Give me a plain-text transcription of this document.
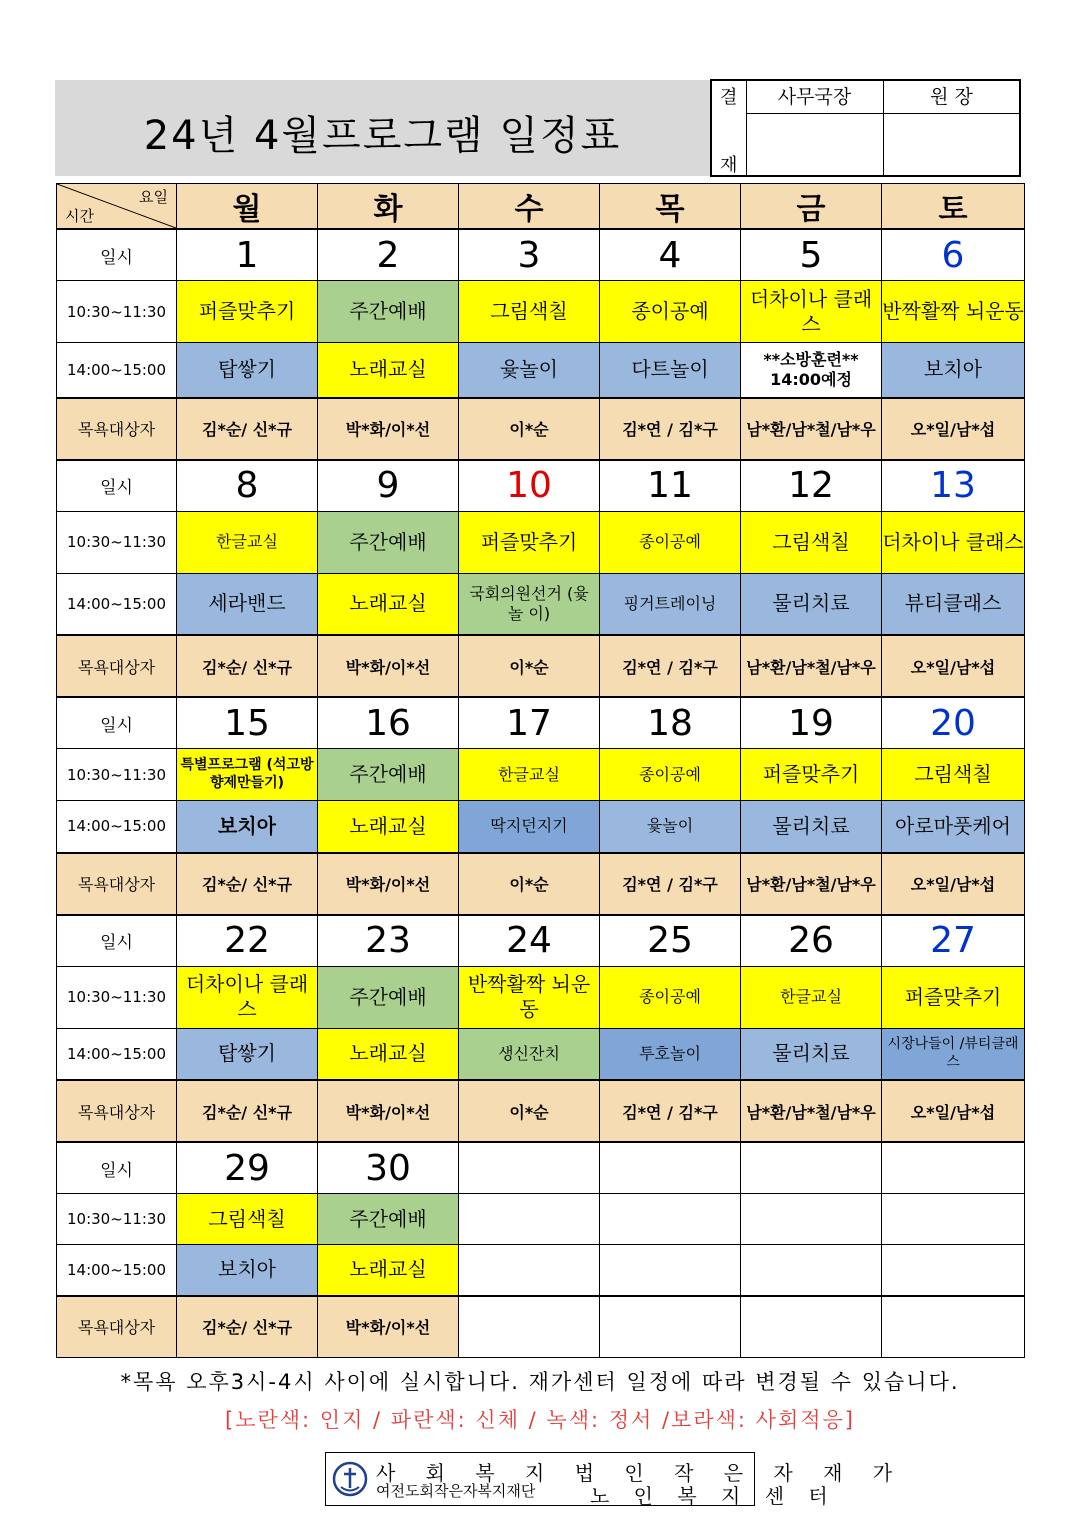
24년 4월프로그램 일정표
결
재
사무국장	원 장
요일
시간	월	화	수	목	금	토
일시	1	2	3	4	5	6
10:30~11:30	퍼즐맞추기	주간예배	그림색칠	종이공예	더차이나 클래스	반짝활짝 뇌운동
14:00~15:00	탑쌓기	노래교실	윷놀이	다트놀이	**소방훈련** 14:00예정	보치아
목욕대상자	김*순/ 신*규	박*화/이*선	이*순	김*연 / 김*구	남*환/남*철/남*우	오*일/남*섭
일시	8	9	10	11	12	13
10:30~11:30	한글교실	주간예배	퍼즐맞추기	종이공예	그림색칠	더차이나 클래스
14:00~15:00	세라밴드	노래교실	국회의원선거 (윷 놀 이)	핑거트레이닝	물리치료	뷰티클래스
목욕대상자	김*순/ 신*규	박*화/이*선	이*순	김*연 / 김*구	남*환/남*철/남*우	오*일/남*섭
일시	15	16	17	18	19	20
10:30~11:30	특별프로그램 (석고방향제만들기)	주간예배	한글교실	종이공예	퍼즐맞추기	그림색칠
14:00~15:00	보치아	노래교실	딱지던지기	윷놀이	물리치료	아로마풋케어
목욕대상자	김*순/ 신*규	박*화/이*선	이*순	김*연 / 김*구	남*환/남*철/남*우	오*일/남*섭
일시	22	23	24	25	26	27
10:30~11:30	더차이나 클래스	주간예배	반짝활짝 뇌운동	종이공예	한글교실	퍼즐맞추기
14:00~15:00	탑쌓기	노래교실	생신잔치	투호놀이	물리치료	시장나들이 /뷰티클래스
목욕대상자	김*순/ 신*규	박*화/이*선	이*순	김*연 / 김*구	남*환/남*철/남*우	오*일/남*섭
일시	29	30				
10:30~11:30	그림색칠	주간예배				
14:00~15:00	보치아	노래교실				
목욕대상자	김*순/ 신*규	박*화/이*선				
*목욕 오후3시-4시 사이에 실시합니다. 재가센터 일정에 따라 변경될 수 있습니다.
[노란색: 인지 / 파란색: 신체 / 녹색: 정서 /보라색: 사회적응]
사 회 복 지 법 인 작 은 자 재 가
여전도회작은자복지재단	노 인 복 지 센 터
